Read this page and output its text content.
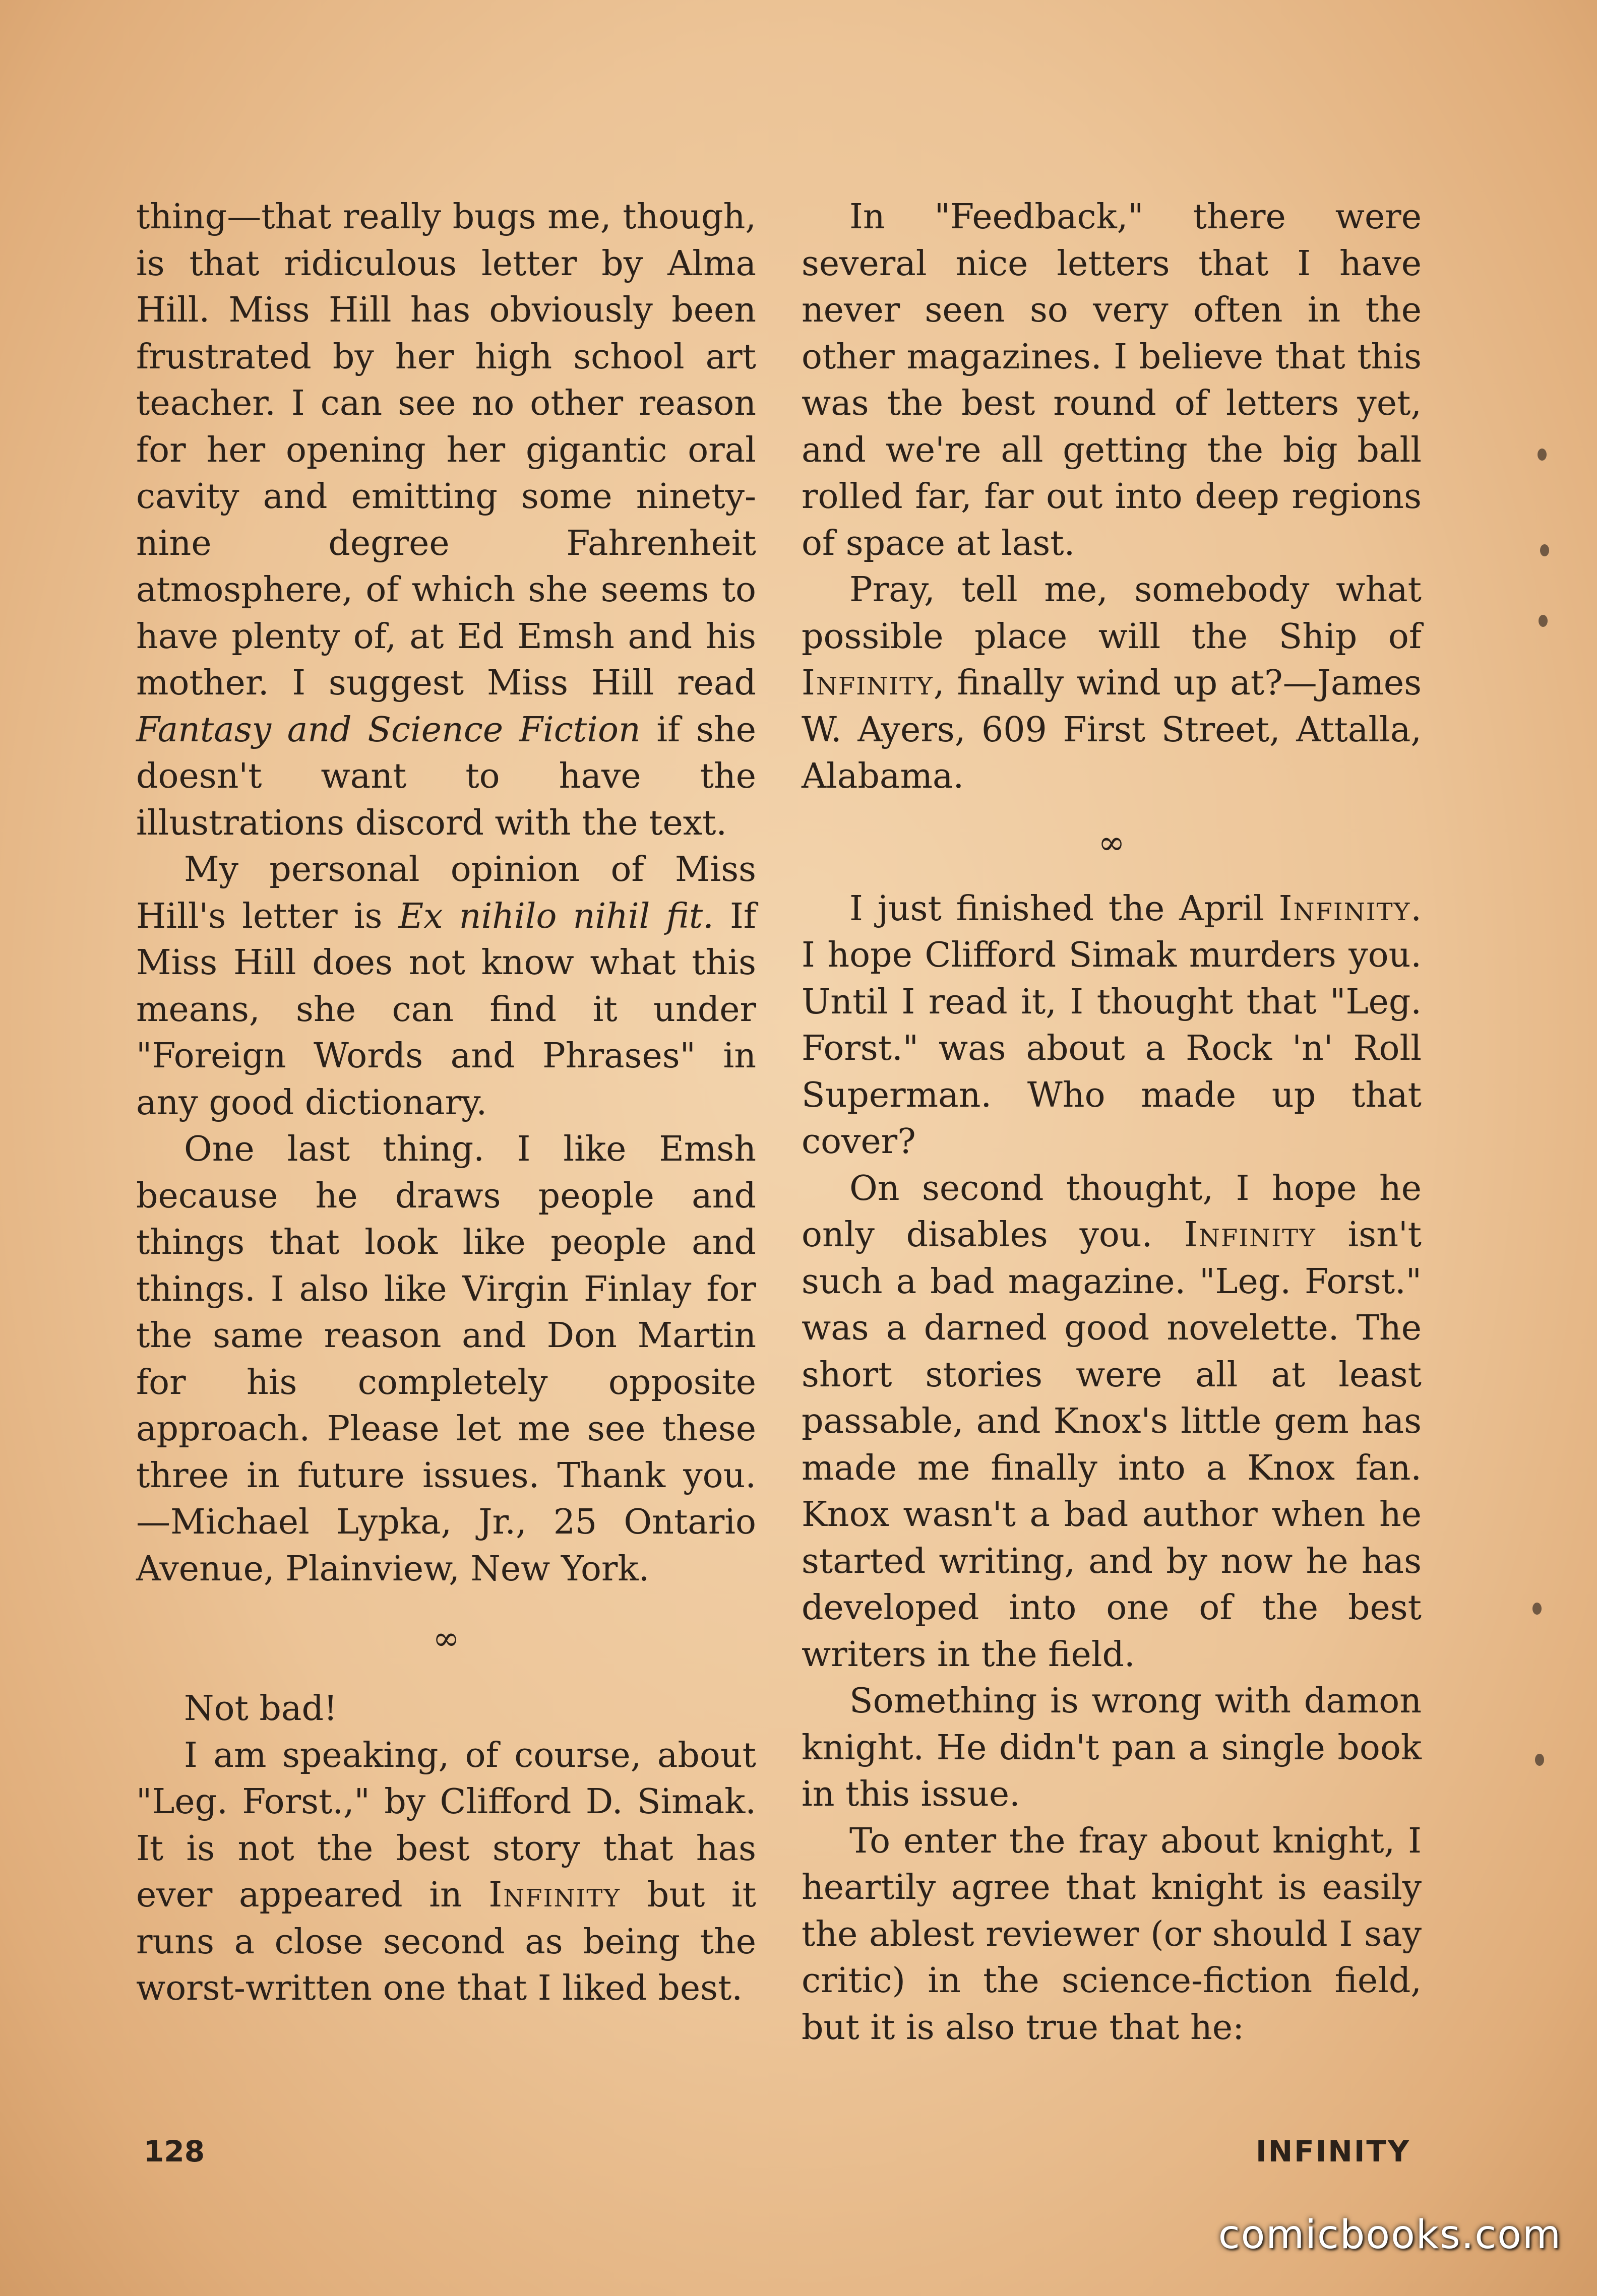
thing—that really bugs me, though, is that ridiculous letter by Alma Hill. Miss Hill has obviously been frustrated by her high school art teacher. I can see no other reason for her opening her gigantic oral cavity and emitting some ninety-nine degree Fahrenheit atmosphere, of which she seems to have plenty of, at Ed Emsh and his mother. I suggest Miss Hill read Fantasy and Science Fiction if she doesn't want to have the illustrations discord with the text.

My personal opinion of Miss Hill's letter is Ex nihilo nihil fit. If Miss Hill does not know what this means, she can find it under "Foreign Words and Phrases" in any good dictionary.

One last thing. I like Emsh because he draws people and things that look like people and things. I also like Virgin Finlay for the same reason and Don Martin for his completely opposite approach. Please let me see these three in future issues. Thank you.—Michael Lypka, Jr., 25 Ontario Avenue, Plainview, New York.

∞

Not bad!

I am speaking, of course, about "Leg. Forst.," by Clifford D. Simak. It is not the best story that has ever appeared in Infinity but it runs a close second as being the worst-written one that I liked best.

In "Feedback," there were several nice letters that I have never seen so very often in the other magazines. I believe that this was the best round of letters yet, and we're all getting the big ball rolled far, far out into deep regions of space at last.

Pray, tell me, somebody what possible place will the Ship of Infinity, finally wind up at?—James W. Ayers, 609 First Street, Attalla, Alabama.

∞

I just finished the April Infinity. I hope Clifford Simak murders you. Until I read it, I thought that "Leg. Forst." was about a Rock 'n' Roll Superman. Who made up that cover?

On second thought, I hope he only disables you. Infinity isn't such a bad magazine. "Leg. Forst." was a darned good novelette. The short stories were all at least passable, and Knox's little gem has made me finally into a Knox fan. Knox wasn't a bad author when he started writing, and by now he has developed into one of the best writers in the field.

Something is wrong with damon knight. He didn't pan a single book in this issue.

To enter the fray about knight, I heartily agree that knight is easily the ablest reviewer (or should I say critic) in the science-fiction field, but it is also true that he:

128	INFINITY
comicbooks.com
